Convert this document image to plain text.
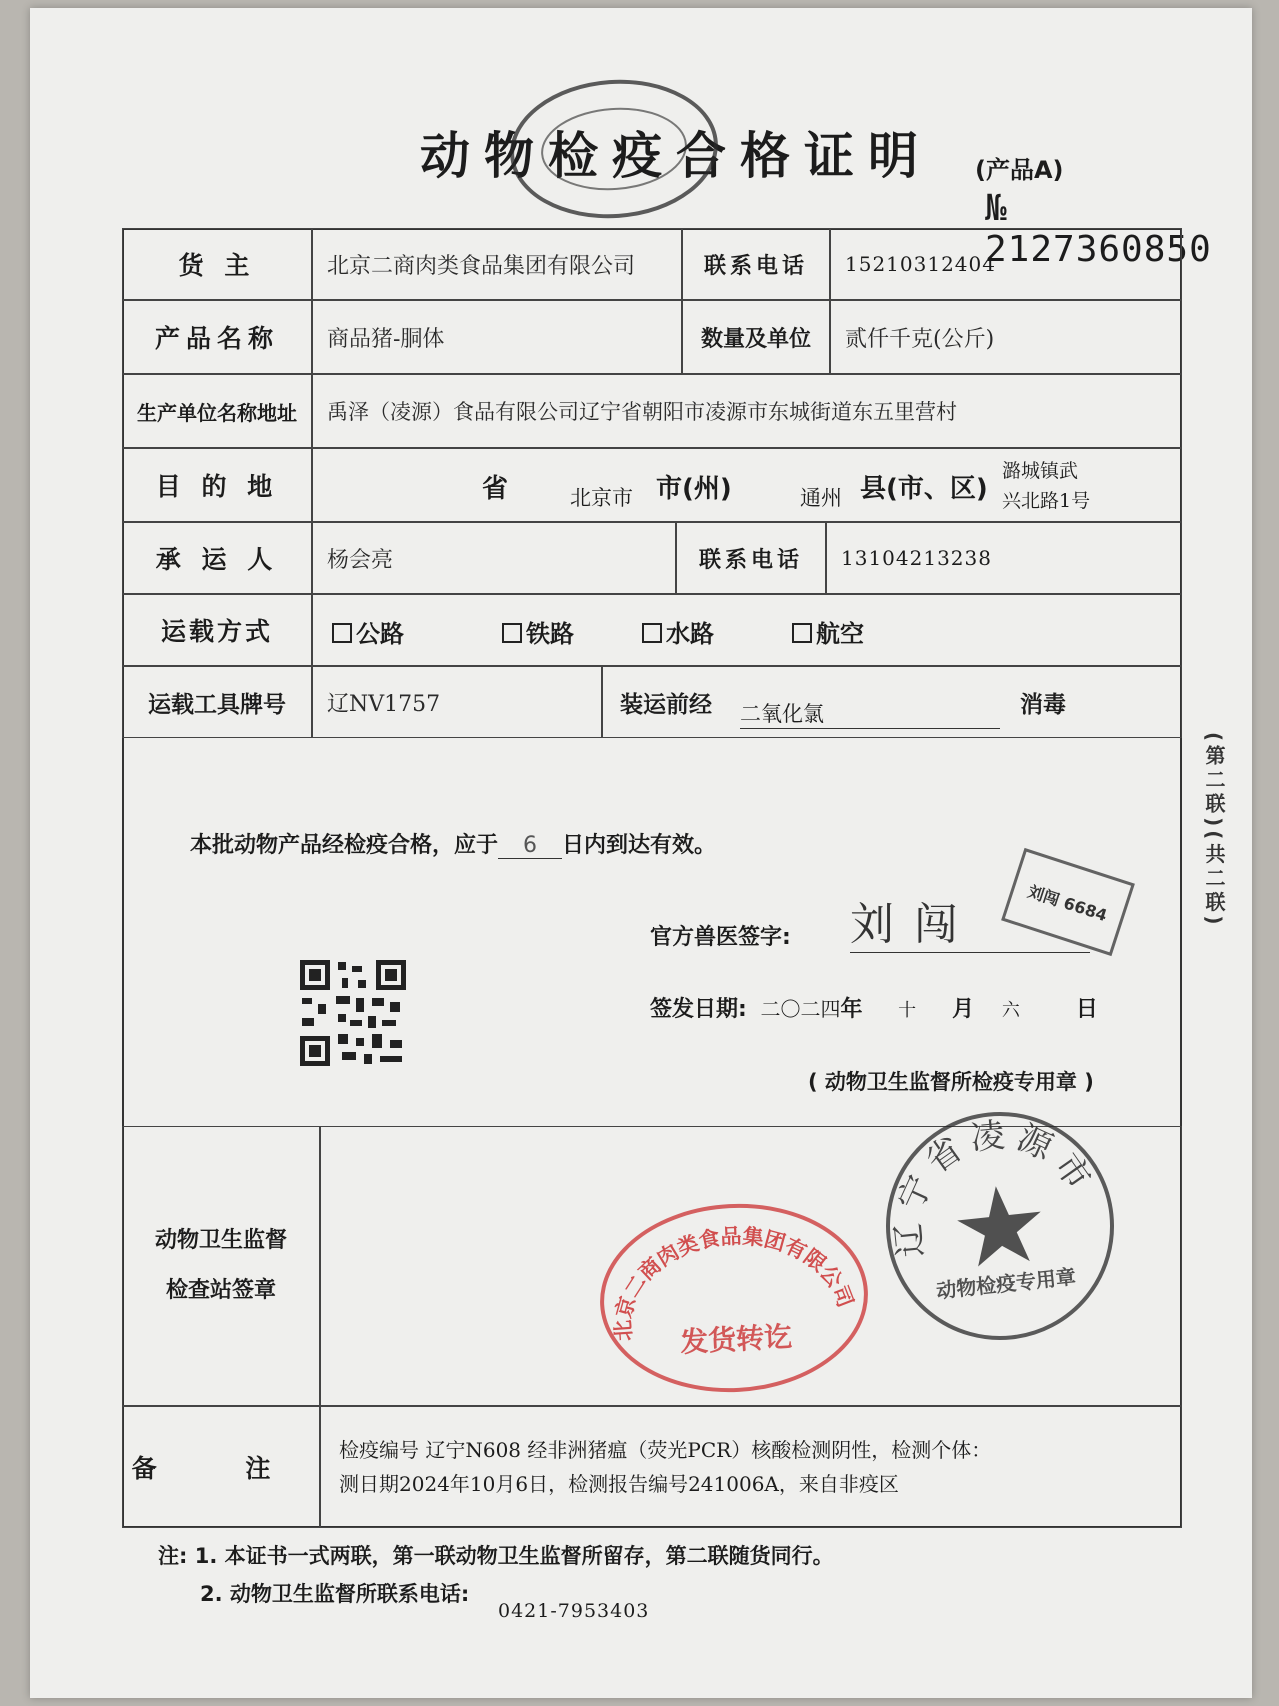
动物检疫合格证明 (产品A)
№ 2127360850
货 主	北京二商肉类食品集团有限公司	联系电话	15210312404
产品名称	商品猪-胴体	数量及单位	贰仟千克(公斤)
生产单位名称地址	禹泽（凌源）食品有限公司辽宁省朝阳市凌源市东城街道东五里营村
目 的 地	省	北京市 市(州)	通州 县(市、区)
潞城镇武
兴北路1号
承 运 人	杨会亮	联系电话	13104213238
运载方式	公路	铁路	水路	航空
运载工具牌号	辽NV1757	装运前经 二氧化氯	消毒
本批动物产品经检疫合格，应于 6 日内到达有效。
官方兽医签字: 刘闯	刘闯 6684
签发日期: 二〇二四年 十 月 六	日
( 动物卫生监督所检疫专用章 )
动物卫生监督
检查站签章
北京二商肉类食品集团有限公司
发货转讫
辽宁省凌源市
动物检疫专用章
备 注
检疫编号 辽宁N608 经非洲猪瘟（荧光PCR）核酸检测阴性，检测个体：
测日期2024年10月6日，检测报告编号241006A，来自非疫区
(第二联)(共二联)
注: 1. 本证书一式两联，第一联动物卫生监督所留存，第二联随货同行。
2. 动物卫生监督所联系电话:
0421-7953403
